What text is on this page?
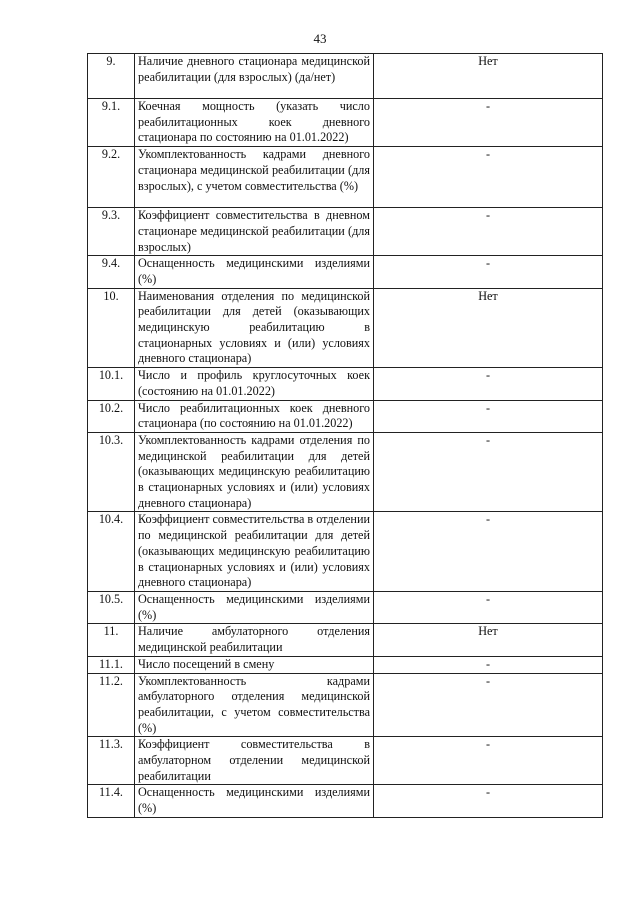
43
9.	Наличие дневного стационара медицинской реабилитации (для взрослых) (да/нет)	Нет
9.1.	Коечная мощность (указать число реабилитационных коек дневного стационара по состоянию на 01.01.2022)	-
9.2.	Укомплектованность кадрами дневного стационара медицинской реабилитации (для взрослых), с учетом совместительства (%)	-
9.3.	Коэффициент совместительства в дневном стационаре медицинской реабилитации (для взрослых)	-
9.4.	Оснащенность медицинскими изделиями (%)	-
10.	Наименования отделения по медицинской реабилитации для детей (оказывающих медицинскую реабилитацию в стационарных условиях и (или) условиях дневного стационара)	Нет
10.1.	Число и профиль круглосуточных коек (состоянию на 01.01.2022)	-
10.2.	Число реабилитационных коек дневного стационара (по состоянию на 01.01.2022)	-
10.3.	Укомплектованность кадрами отделения по медицинской реабилитации для детей (оказывающих медицинскую реабилитацию в стационарных условиях и (или) условиях дневного стационара)	-
10.4.	Коэффициент совместительства в отделении по медицинской реабилитации для детей (оказывающих медицинскую реабилитацию в стационарных условиях и (или) условиях дневного стационара)	-
10.5.	Оснащенность медицинскими изделиями (%)	-
11.	Наличие амбулаторного отделения медицинской реабилитации	Нет
11.1.	Число посещений в смену	-
11.2.	Укомплектованность кадрами амбулаторного отделения медицинской реабилитации, с учетом совместительства (%)	-
11.3.	Коэффициент совместительства в амбулаторном отделении медицинской реабилитации	-
11.4.	Оснащенность медицинскими изделиями (%)	-
